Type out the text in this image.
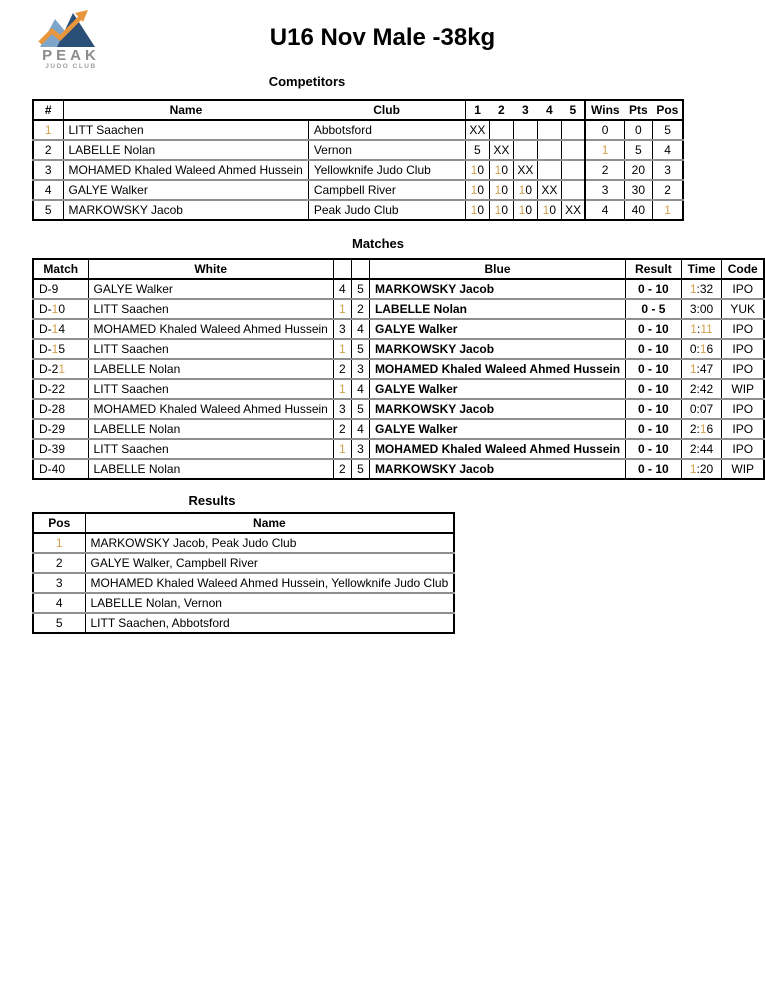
PEAK
JUDO CLUB
U16 Nov Male -38kg
Competitors
#	Name	Club	1	2	3	4	5	Wins	Pts	Pos
1	LITT Saachen	Abbotsford	XX					0	0	5
2	LABELLE Nolan	Vernon	5	XX				1	5	4
3	MOHAMED Khaled Waleed Ahmed Hussein	Yellowknife Judo Club	10	10	XX			2	20	3
4	GALYE Walker	Campbell River	10	10	10	XX		3	30	2
5	MARKOWSKY Jacob	Peak Judo Club	10	10	10	10	XX	4	40	1
Matches
Match	White			Blue	Result	Time	Code
D-9	GALYE Walker	4	5	MARKOWSKY Jacob	0 - 10	1:32	IPO
D-10	LITT Saachen	1	2	LABELLE Nolan	0 - 5	3:00	YUK
D-14	MOHAMED Khaled Waleed Ahmed Hussein	3	4	GALYE Walker	0 - 10	1:11	IPO
D-15	LITT Saachen	1	5	MARKOWSKY Jacob	0 - 10	0:16	IPO
D-21	LABELLE Nolan	2	3	MOHAMED Khaled Waleed Ahmed Hussein	0 - 10	1:47	IPO
D-22	LITT Saachen	1	4	GALYE Walker	0 - 10	2:42	WIP
D-28	MOHAMED Khaled Waleed Ahmed Hussein	3	5	MARKOWSKY Jacob	0 - 10	0:07	IPO
D-29	LABELLE Nolan	2	4	GALYE Walker	0 - 10	2:16	IPO
D-39	LITT Saachen	1	3	MOHAMED Khaled Waleed Ahmed Hussein	0 - 10	2:44	IPO
D-40	LABELLE Nolan	2	5	MARKOWSKY Jacob	0 - 10	1:20	WIP
Results
Pos	Name
1	MARKOWSKY Jacob, Peak Judo Club
2	GALYE Walker, Campbell River
3	MOHAMED Khaled Waleed Ahmed Hussein, Yellowknife Judo Club
4	LABELLE Nolan, Vernon
5	LITT Saachen, Abbotsford
